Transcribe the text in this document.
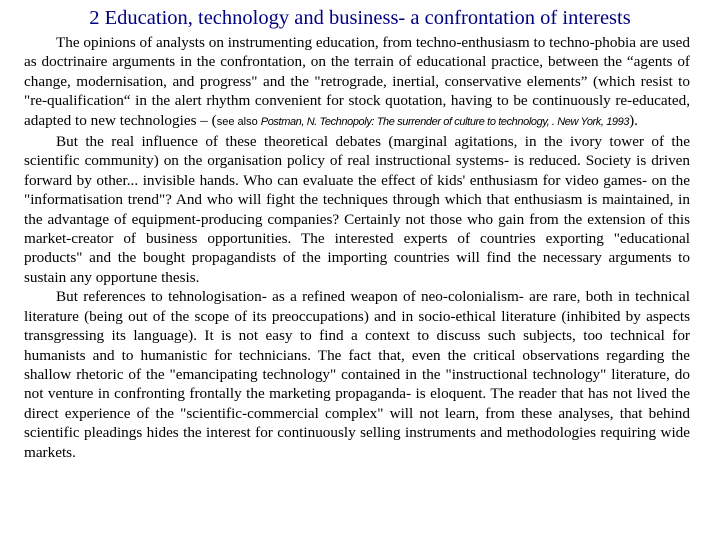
2 Education, technology and business- a confrontation of interests

The opinions of analysts on instrumenting education, from techno-enthusiasm to techno-phobia are used as doctrinaire arguments in the confrontation, on the terrain of educational practice, between the “agents of change, modernisation, and progress" and the "retrograde, inertial, conservative elements” (which resist to "re-qualification“ in the alert rhythm convenient for stock quotation, having to be continuously re-educated, adapted to new technologies – (see also Postman, N. Technopoly: The surrender of culture to technology, . New York, 1993).

But the real influence of these theoretical debates (marginal agitations, in the ivory tower of the scientific community) on the organisation policy of real instructional systems- is reduced. Society is driven forward by other... invisible hands. Who can evaluate the effect of kids' enthusiasm for video games- on the "informatisation trend"? And who will fight the techniques through which that enthusiasm is maintained, in the advantage of equipment-producing companies? Certainly not those who gain from the extension of this market-creator of business opportunities. The interested experts of countries exporting "educational products" and the bought propagandists of the importing countries will find the necessary arguments to sustain any opportune thesis.

But references to tehnologisation- as a refined weapon of neo-colonialism- are rare, both in technical literature (being out of the scope of its preoccupations) and in socio-ethical literature (inhibited by aspects transgressing its language). It is not easy to find a context to discuss such subjects, too technical for humanists and to humanistic for technicians. The fact that, even the critical observations regarding the shallow rhetoric of the "emancipating technology" contained in the "instructional technology" literature, do not venture in confronting frontally the marketing propaganda- is eloquent. The reader that has not lived the direct experience of the "scientific-commercial complex" will not learn, from these analyses, that behind scientific pleadings hides the interest for continuously selling instruments and methodologies requiring wide markets.
